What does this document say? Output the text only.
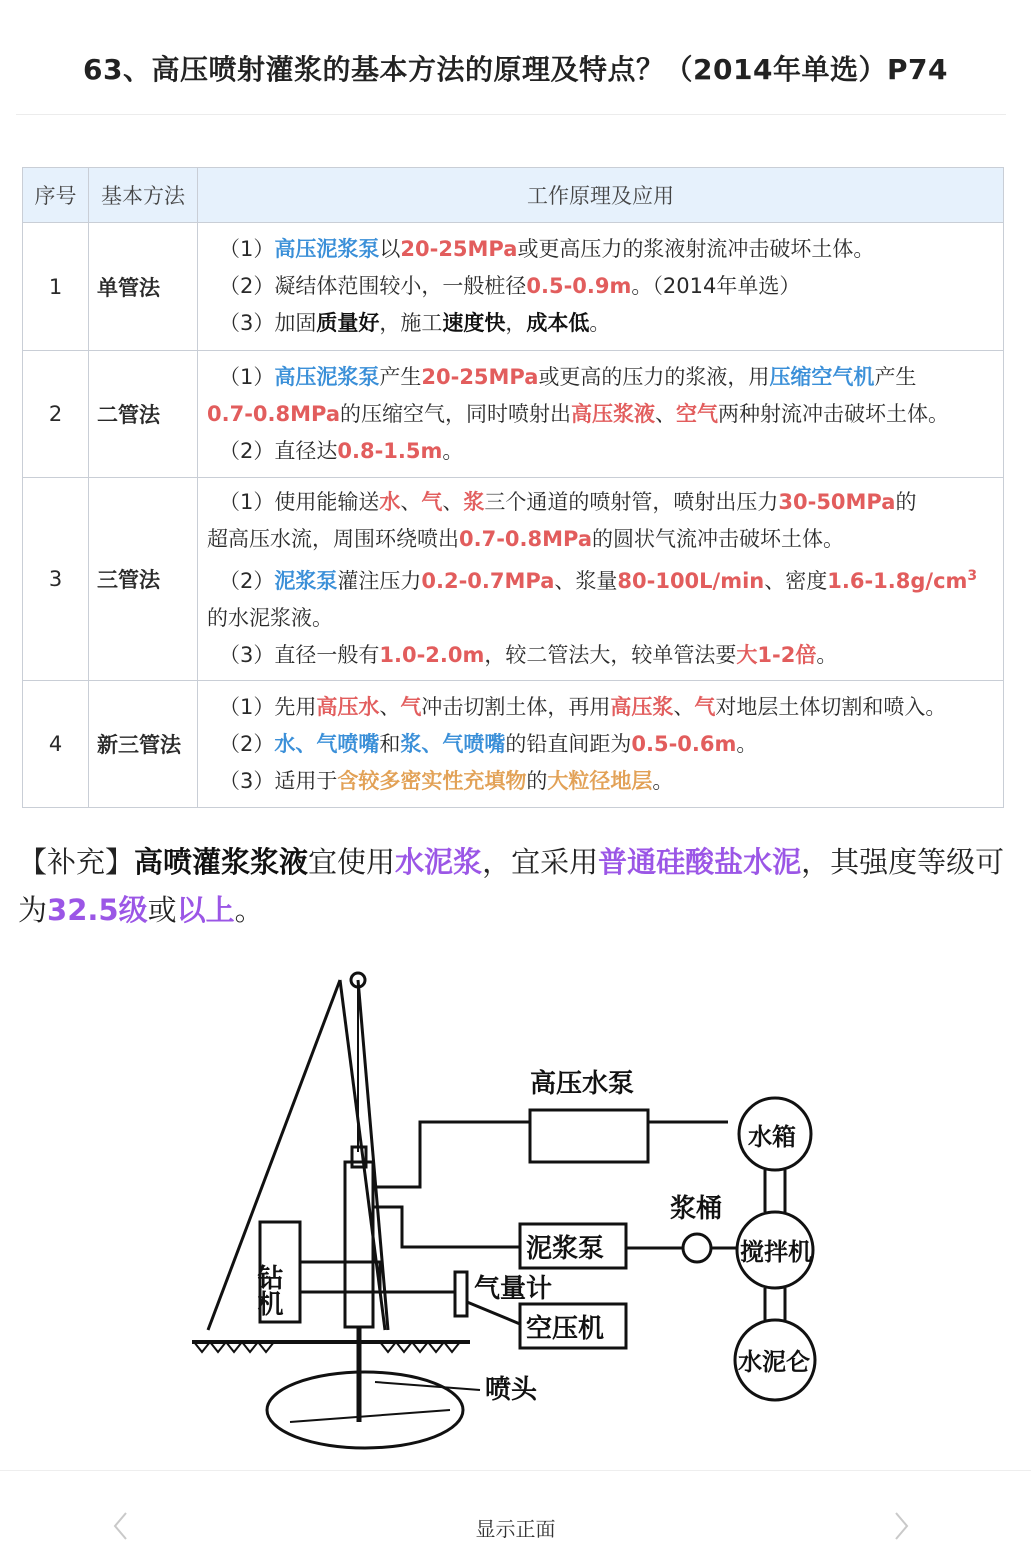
63、高压喷射灌浆的基本方法的原理及特点？（2014年单选）P74
序号	基本方法	工作原理及应用
1	单管法	（1）高压泥浆泵以20-25MPa或更高压力的浆液射流冲击破坏土体。
（2）凝结体范围较小，一般桩径0.5-0.9m。（2014年单选）
（3）加固质量好，施工速度快，成本低。

2	二管法	（1）高压泥浆泵产生20-25MPa或更高的压力的浆液，用压缩空气机产生
0.7-0.8MPa的压缩空气，同时喷射出高压浆液、空气两种射流冲击破坏土体。
（2）直径达0.8-1.5m。

3	三管法	（1）使用能输送水、气、浆三个通道的喷射管，喷射出压力30-50MPa的
超高压水流，周围环绕喷出0.7-0.8MPa的圆状气流冲击破坏土体。
（2）泥浆泵灌注压力0.2-0.7MPa、浆量80-100L/min、密度$1.6-1.8g/cm^3$
的水泥浆液。
（3）直径一般有1.0-2.0m，较二管法大，较单管法要大1-2倍。

4	新三管法	（1）先用高压水、气冲击切割土体，再用高压浆、气对地层土体切割和喷入。
（2）水、气喷嘴和浆、气喷嘴的铅直间距为0.5-0.6m。
（3）适用于含较多密实性充填物的大粒径地层。
【补充】高喷灌浆浆液宜使用水泥浆，宜采用普通硅酸盐水泥，其强度等级可为32.5级或以上。
高压水泵
水箱
浆桶
泥浆泵	搅拌机
气量计
空压机
水泥仑
喷头
钻机
显示正面
